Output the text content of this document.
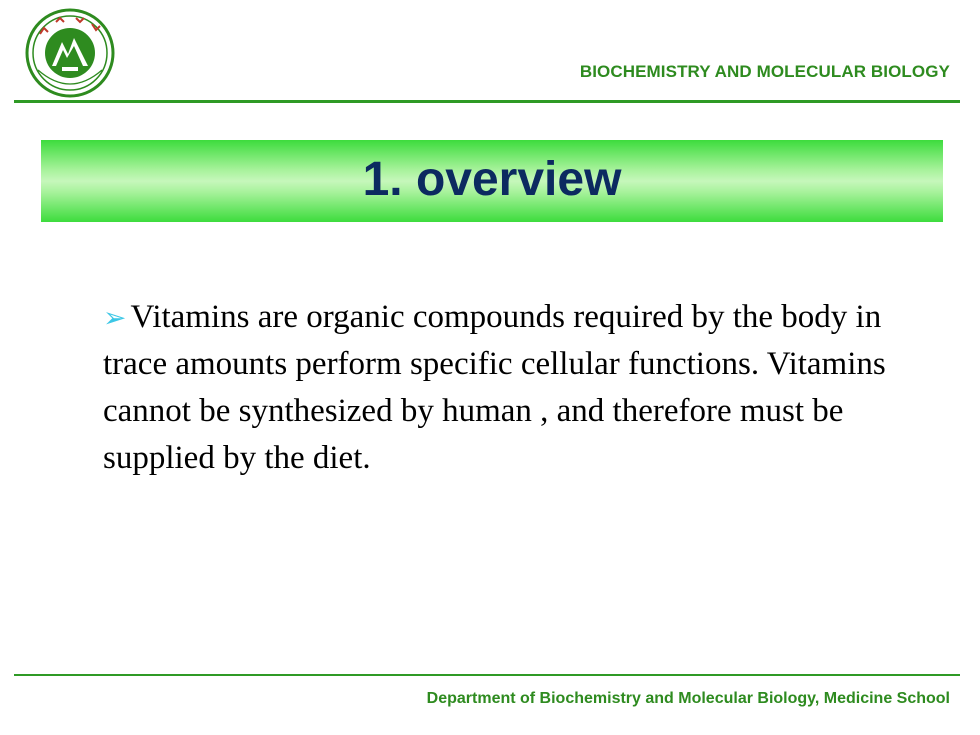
BIOCHEMISTRY AND MOLECULAR BIOLOGY
1. overview
➢ Vitamins are organic compounds required by the body in trace amounts perform specific cellular functions. Vitamins cannot be synthesized by human , and therefore must be supplied by the diet.
Department of Biochemistry and Molecular Biology, Medicine School
